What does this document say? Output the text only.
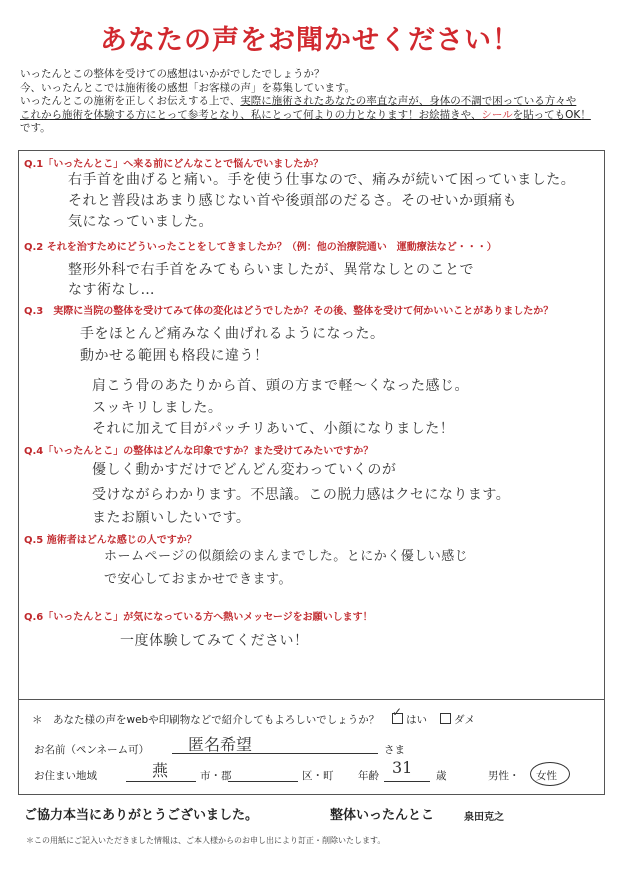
あなたの声をお聞かせください！
いったんとこの整体を受けての感想はいかがでしたでしょうか？
今、いったんとこでは施術後の感想「お客様の声」を募集しています。
いったんとこの施術を正しくお伝えする上で、実際に施術されたあなたの率直な声が、身体の不調で困っている方々や
これから施術を体験する方にとって参考となり、私にとって何よりの力となります！お絵描きや、シールを貼ってもOK！
です。
Q.1「いったんとこ」へ来る前にどんなことで悩んでいましたか？
右手首を曲げると痛い。手を使う仕事なので、痛みが続いて困っていました。
それと普段はあまり感じない首や後頭部のだるさ。そのせいか頭痛も
気になっていました。
Q.2 それを治すためにどういったことをしてきましたか？（例：他の治療院通い　運動療法など・・・）
整形外科で右手首をみてもらいましたが、異常なしとのことで
なす術なし…
Q.3　実際に当院の整体を受けてみて体の変化はどうでしたか？その後、整体を受けて何かいいことがありましたか？
手をほとんど痛みなく曲げれるようになった。
動かせる範囲も格段に違う！
肩こう骨のあたりから首、頭の方まで軽〜くなった感じ。
スッキリしました。
それに加えて目がパッチリあいて、小顔になりました！
Q.4「いったんとこ」の整体はどんな印象ですか？また受けてみたいですか？
優しく動かすだけでどんどん変わっていくのが
受けながらわかります。不思議。この脱力感はクセになります。
またお願いしたいです。
Q.5 施術者はどんな感じの人ですか？
ホームページの似顔絵のまんまでした。とにかく優しい感じ
で安心しておまかせできます。
Q.6「いったんとこ」が気になっている方へ熱いメッセージをお願いします！
一度体験してみてください！
＊　あなた様の声をwebや印刷物などで紹介してもよろしいでしょうか？
✓
はい	ダメ
お名前（ペンネーム可） 匿名希望	さま
お住まい地域	燕	市・郡	区・町 年齢 31 歳	男性・ 女性
ご協力本当にありがとうございました。	整体いったんとこ	泉田克之
＊この用紙にご記入いただきました情報は、ご本人様からのお申し出により訂正・削除いたします。
